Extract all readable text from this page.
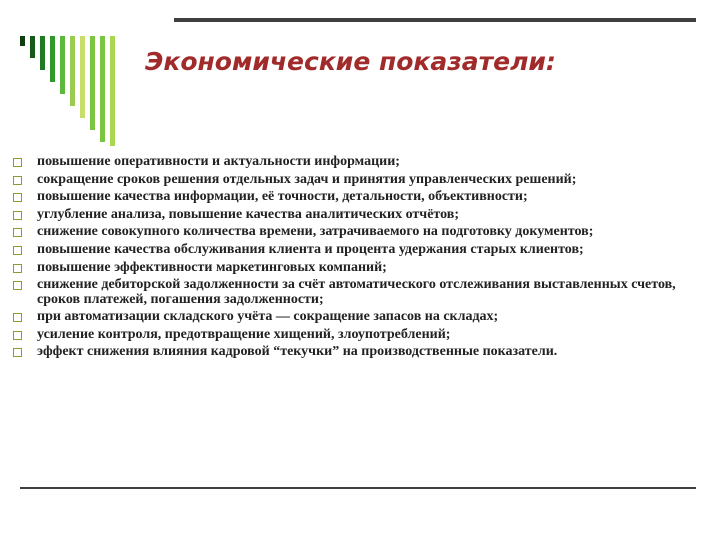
Экономические показатели:
повышение оперативности и актуальности информации;
сокращение сроков решения отдельных задач и принятия управленческих решений;
повышение качества информации, её точности, детальности, объективности;
углубление анализа, повышение качества аналитических отчётов;
снижение совокупного количества времени, затрачиваемого на подготовку документов;
повышение качества обслуживания клиента и процента удержания старых клиентов;
повышение эффективности маркетинговых компаний;
снижение дебиторской задолженности за счёт автоматического отслеживания выставленных счетов, сроков платежей, погашения задолженности;
при автоматизации складского учёта — сокращение запасов на складах;
усиление контроля, предотвращение хищений, злоупотреблений;
эффект снижения влияния кадровой “текучки” на производственные показатели.
